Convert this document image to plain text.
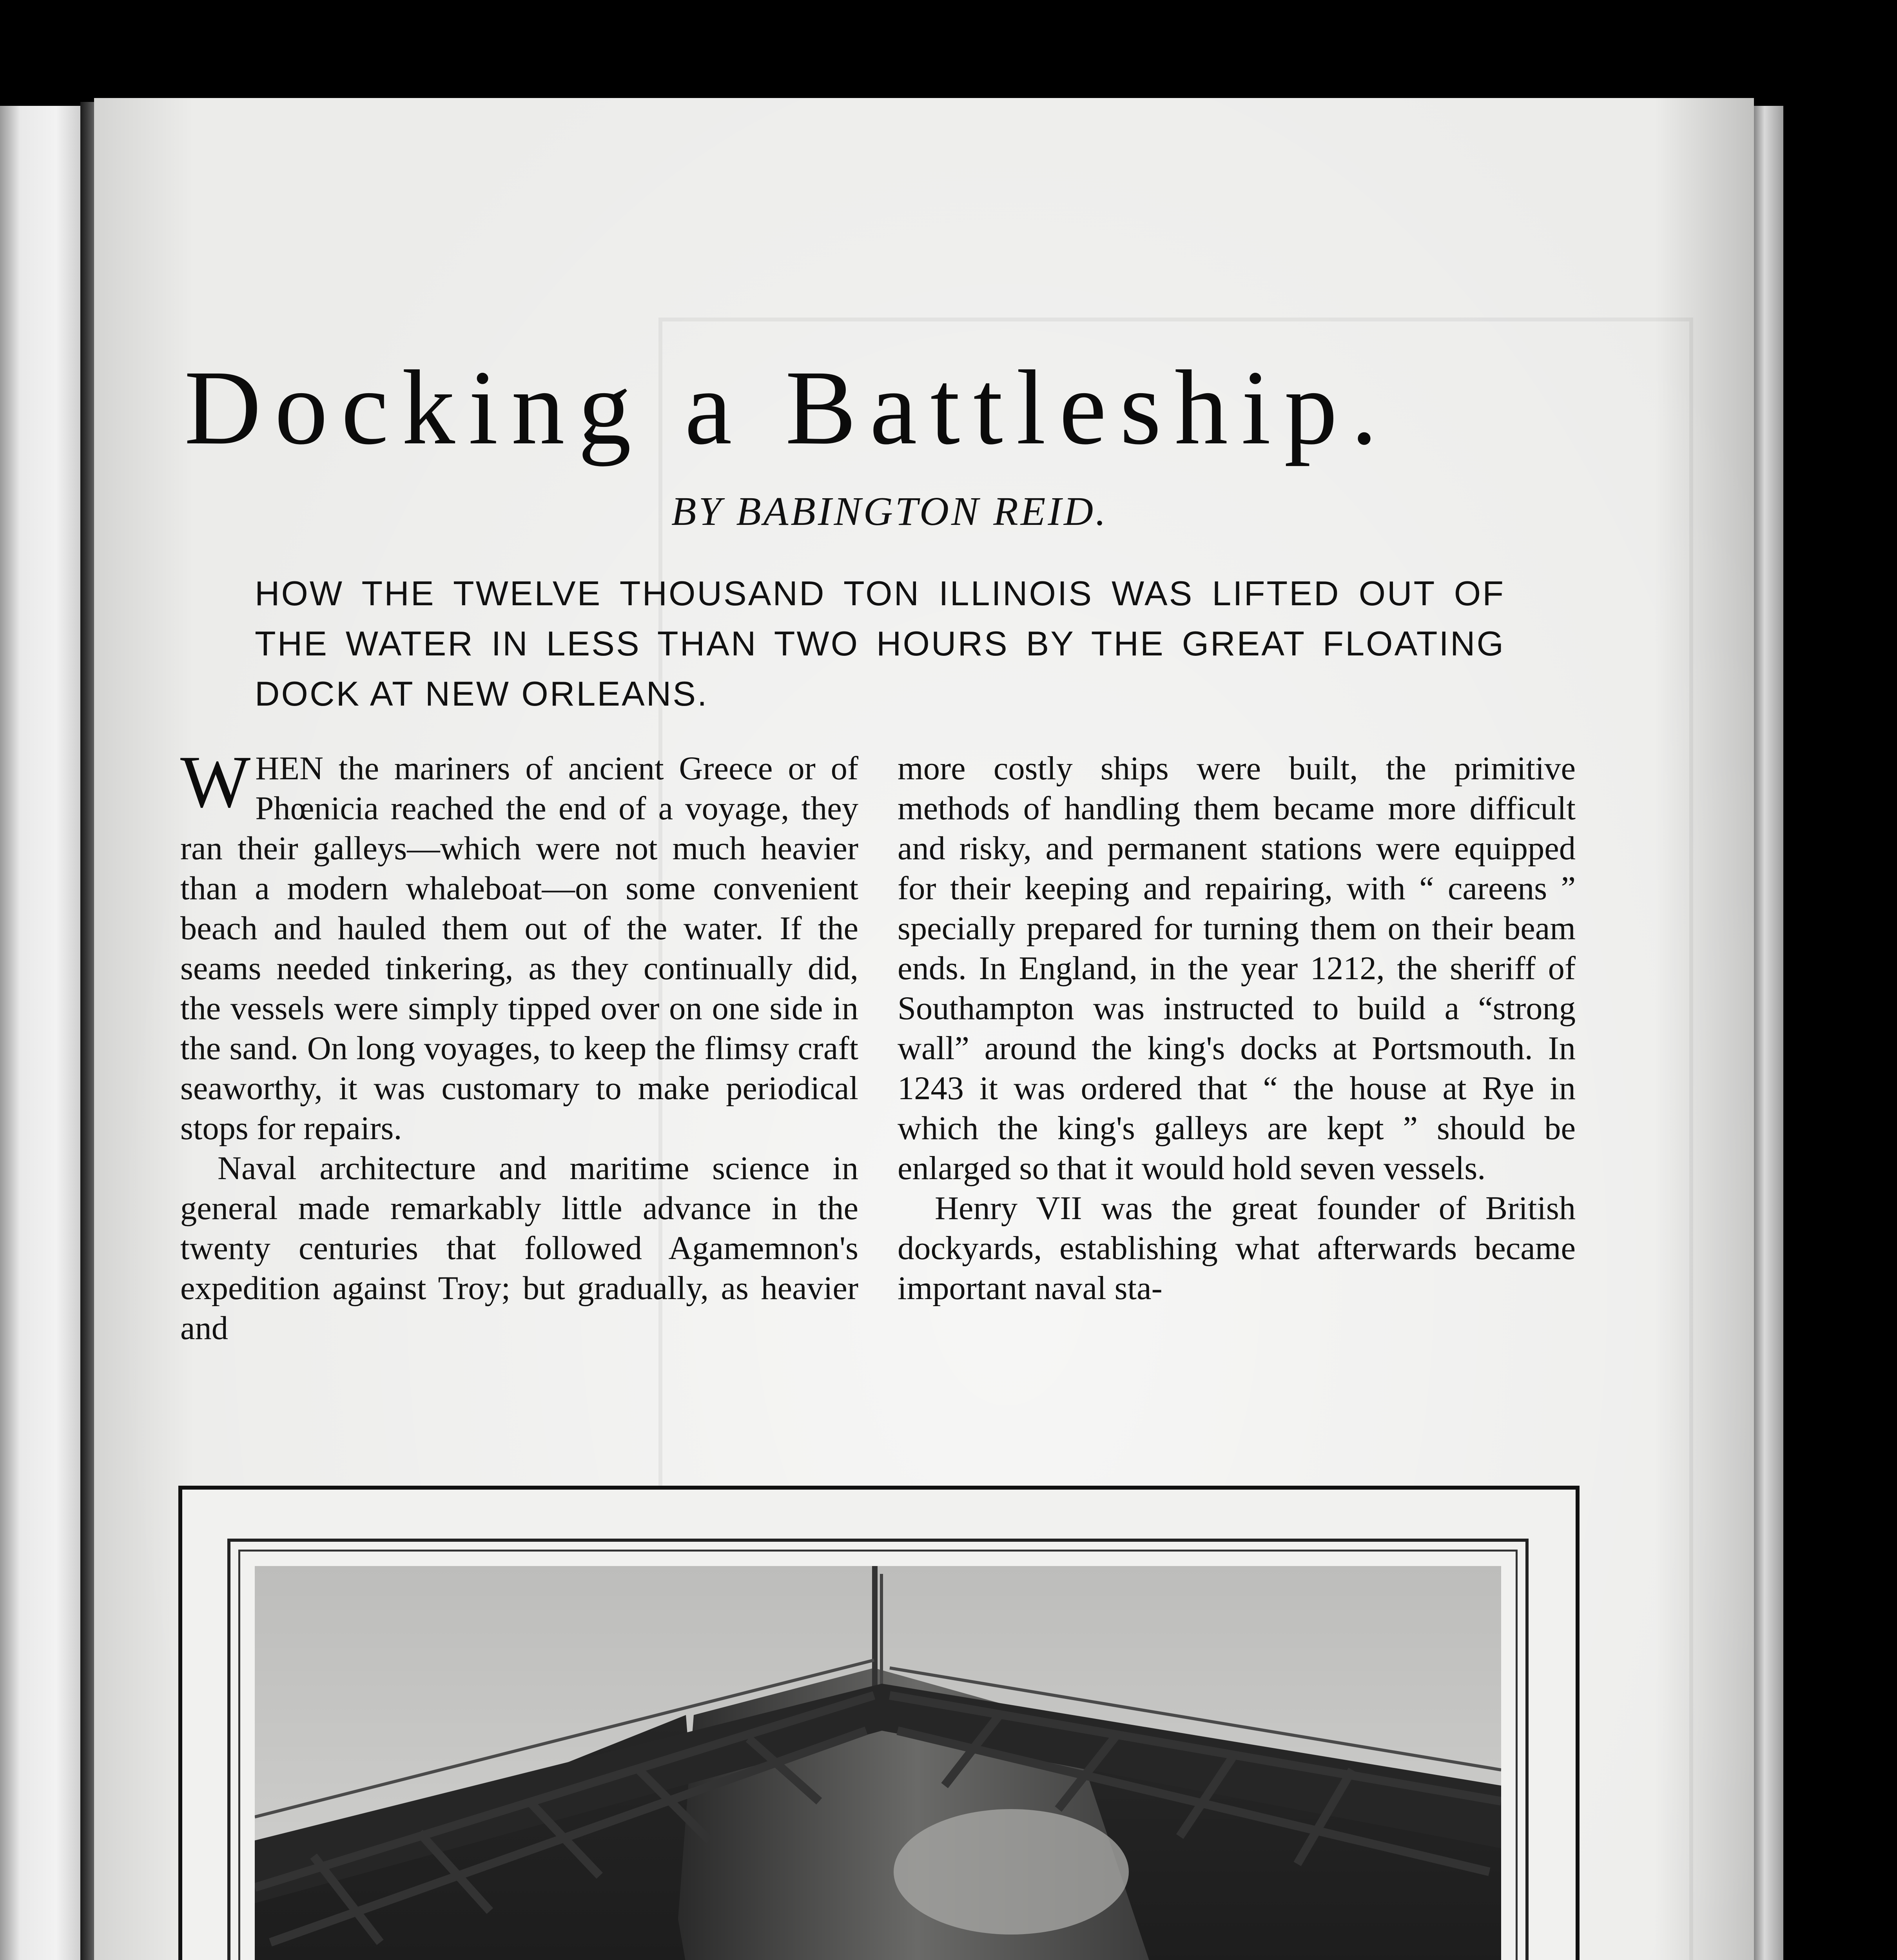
Docking a Battleship.
BY BABINGTON REID.
HOW THE TWELVE THOUSAND TON ILLINOIS WAS LIFTED OUT OF THE WATER IN LESS THAN TWO HOURS BY THE GREAT FLOATING DOCK AT NEW ORLEANS.

WHEN the mariners of ancient Greece or of Phœnicia reached the end of a voyage, they ran their galleys—which were not much heavier than a modern whaleboat—on some convenient beach and hauled them out of the water. If the seams needed tinkering, as they continually did, the vessels were simply tipped over on one side in the sand. On long voyages, to keep the flimsy craft seaworthy, it was customary to make periodical stops for repairs.

Naval architecture and maritime science in general made remarkably little advance in the twenty centuries that followed Agamemnon's expedition against Troy; but gradually, as heavier and

more costly ships were built, the primitive methods of handling them became more difficult and risky, and permanent stations were equipped for their keeping and repairing, with “ careens ” specially prepared for turning them on their beam ends. In England, in the year 1212, the sheriff of Southampton was instructed to build a “strong wall” around the king's docks at Portsmouth. In 1243 it was ordered that “ the house at Rye in which the king's galleys are kept ” should be enlarged so that it would hold seven vessels.

Henry VII was the great founder of British dockyards, establishing what afterwards became important naval sta-
